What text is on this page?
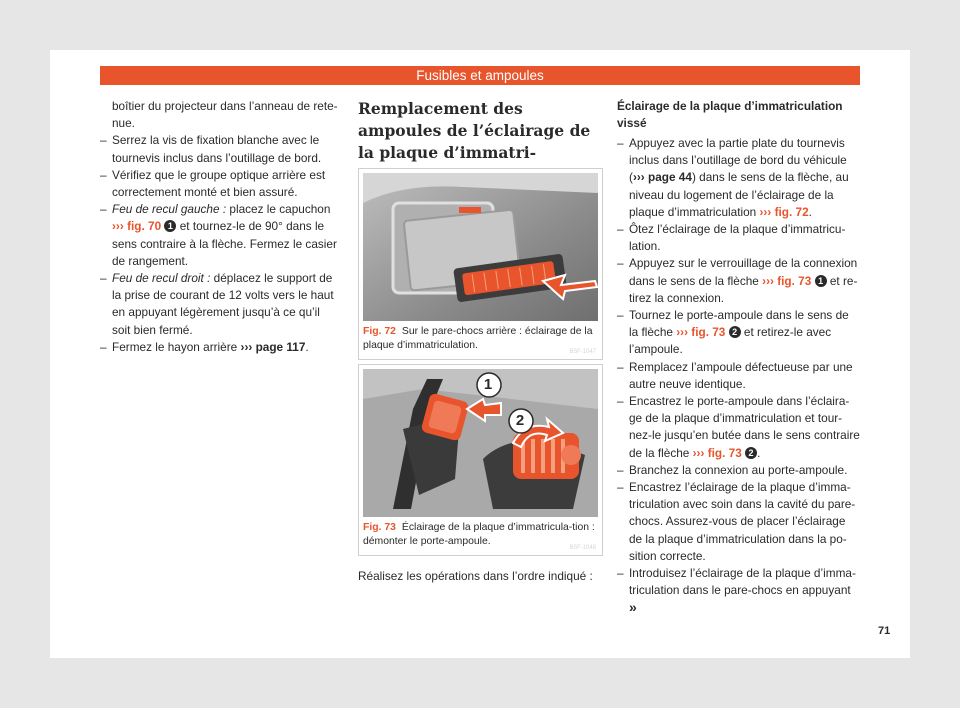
Fusibles et ampoules

boîtier du projecteur dans l’anneau de rete-nue.

– Serrez la vis de fixation blanche avec le tournevis inclus dans l’outillage de bord.

– Vérifiez que le groupe optique arrière est correctement monté et bien assuré.

– Feu de recul gauche : placez le capuchon ››› fig. 70 1 et tournez-le de 90° dans le sens contraire à la flèche. Fermez le casier de rangement.

– Feu de recul droit : déplacez le support de la prise de courant de 12 volts vers le haut en appuyant légèrement jusqu’à ce qu’il soit bien fermé.

– Fermez le hayon arrière ››› page 117.

Remplacement des ampoules de l’éclairage de la plaque d’immatri-

B5F-1047
Fig. 72 Sur le pare-chocs arrière : éclairage de la plaque d’immatriculation.
1
2
B5F-1048
Fig. 73 Éclairage de la plaque d’immatricula-tion : démonter le porte-ampoule.

Réalisez les opérations dans l’ordre indiqué :

Éclairage de la plaque d’immatriculation vissé

– Appuyez avec la partie plate du tournevis inclus dans l’outillage de bord du véhicule (››› page 44) dans le sens de la flèche, au niveau du logement de l’éclairage de la plaque d’immatriculation ››› fig. 72.

– Ôtez l’éclairage de la plaque d’immatricu-lation.

– Appuyez sur le verrouillage de la connexion dans le sens de la flèche ››› fig. 73 1 et re-tirez la connexion.

– Tournez le porte-ampoule dans le sens de la flèche ››› fig. 73 2 et retirez-le avec l’ampoule.

– Remplacez l’ampoule défectueuse par une autre neuve identique.

– Encastrez le porte-ampoule dans l’éclaira-ge de la plaque d’immatriculation et tour-nez-le jusqu’en butée dans le sens contraire de la flèche ››› fig. 73 2 .

– Branchez la connexion au porte-ampoule.

– Encastrez l’éclairage de la plaque d’imma-triculation avec soin dans la cavité du pare-chocs. Assurez-vous de placer l’éclairage de la plaque d’immatriculation dans la po-sition correcte.

– Introduisez l’éclairage de la plaque d’imma-triculation dans le pare-chocs en appuyant »

71
